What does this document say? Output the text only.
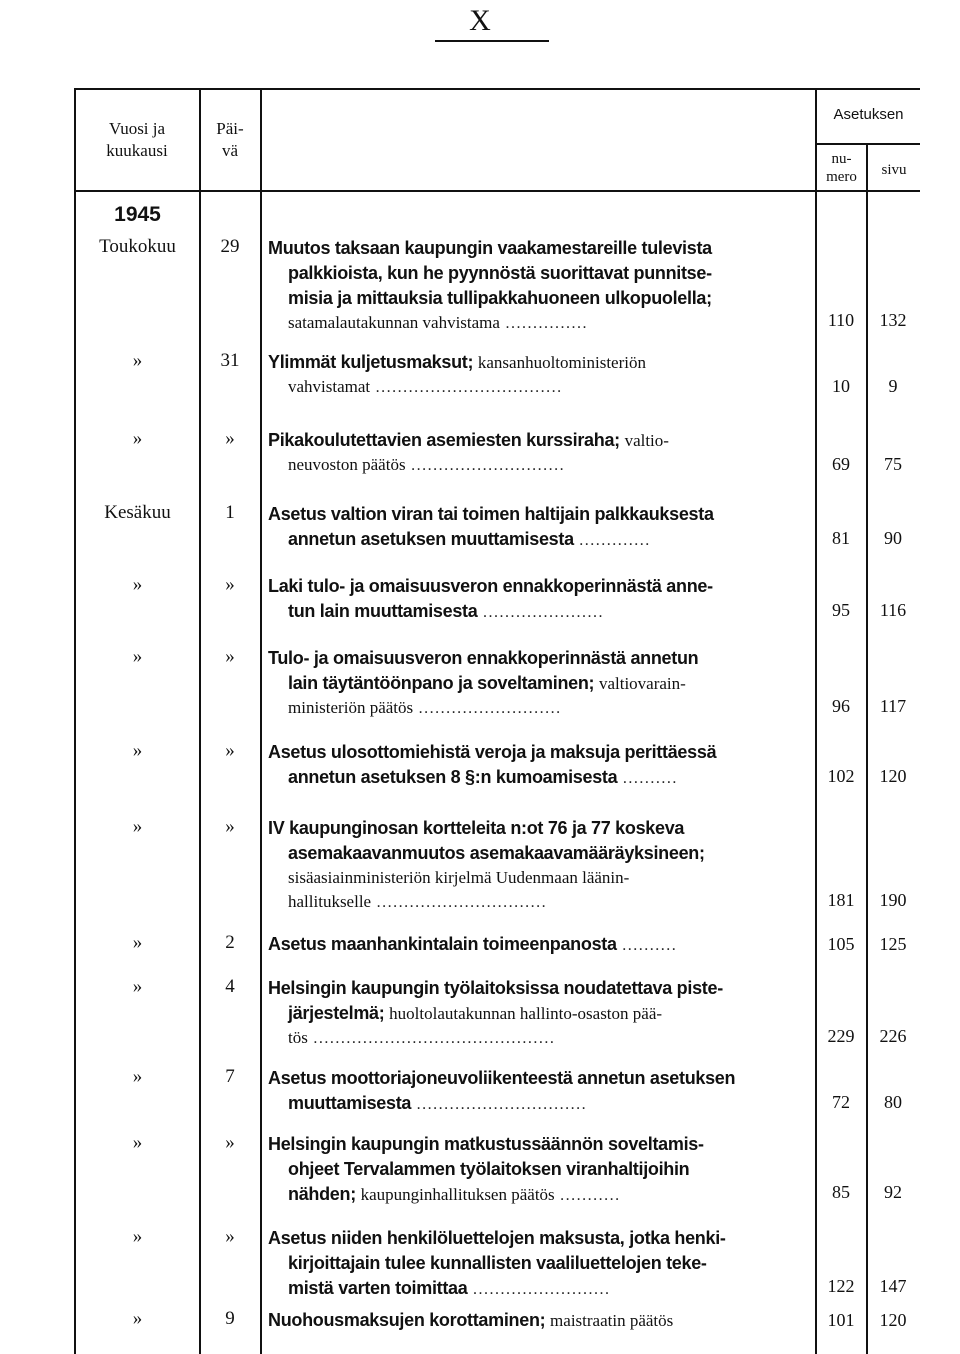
X
Vuosi ja
kuukausi
Päi-
vä
Asetuksen
nu-
mero	sivu
1945
Toukokuu	29	Muutos taksaan kaupungin vaakamestareille tulevista
palkkioista, kun he pyynnöstä suorittavat punnitse-
misia ja mittauksia tullipakkahuoneen ulkopuolella;
satamalautakunnan vahvistama ...............	110	132
»	31	Ylimmät kuljetusmaksut; kansanhuoltoministeriön
vahvistamat ..................................	10	9
»	»	Pikakoulutettavien asemiesten kurssiraha; valtio-
neuvoston päätös ............................	69	75
Kesäkuu	1	Asetus valtion viran tai toimen haltijain palkkauksesta
annetun asetuksen muuttamisesta .............	81	90
»	»	Laki tulo- ja omaisuusveron ennakkoperinnästä anne-
tun lain muuttamisesta ......................	95	116
»	»	Tulo- ja omaisuusveron ennakkoperinnästä annetun
lain täytäntöönpano ja soveltaminen; valtiovarain-
ministeriön päätös ..........................	96	117
»	»	Asetus ulosottomiehistä veroja ja maksuja perittäessä
annetun asetuksen 8 §:n kumoamisesta ..........	102	120
»	»	IV kaupunginosan kortteleita n:ot 76 ja 77 koskeva
asemakaavanmuutos asemakaavamääräyksineen;
sisäasiainministeriön kirjelmä Uudenmaan läänin-
hallitukselle ...............................	181	190
»	2	Asetus maanhankintalain toimeenpanosta ..........	105	125
»	4	Helsingin kaupungin työlaitoksissa noudatettava piste-
järjestelmä; huoltolautakunnan hallinto-osaston pää-
tös ............................................	229	226
»	7	Asetus moottoriajoneuvoliikenteestä annetun asetuksen
muuttamisesta ...............................	72	80
»	»	Helsingin kaupungin matkustussäännön soveltamis-
ohjeet Tervalammen työlaitoksen viranhaltijoihin
nähden; kaupunginhallituksen päätös ...........	85	92
»	»	Asetus niiden henkilöluettelojen maksusta, jotka henki-
kirjoittajain tulee kunnallisten vaaliluettelojen teke-
mistä varten toimittaa .........................	122	147
»	9	Nuohousmaksujen korottaminen; maistraatin päätös	101	120
